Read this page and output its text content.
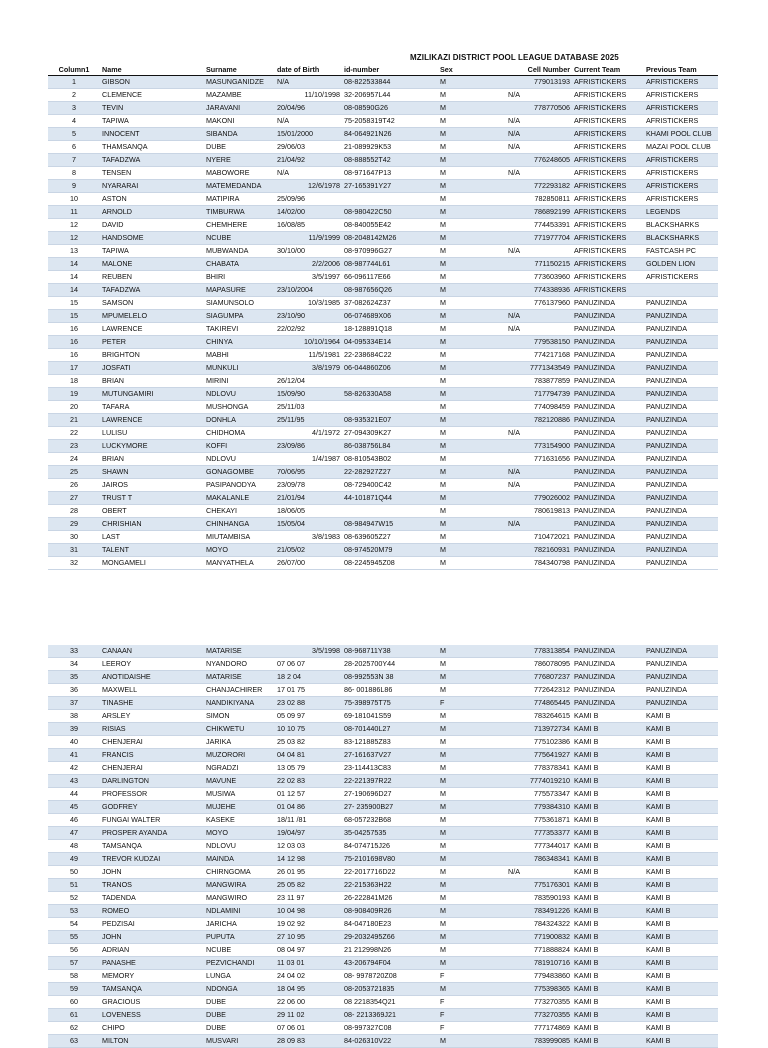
MZILIKAZI DISTRICT POOL LEAGUE DATABASE 2025
Column1	Name	Surname	date of Birth	id-number	Sex	Cell Number	Current Team	Previous Team
1	GIBSON	MASUNGANIDZE	N/A	08-822533844	M	779013193	AFRISTICKERS	AFRISTICKERS
2	CLEMENCE	MAZAMBE	11/10/1998	32-206957L44	M	N/A	AFRISTICKERS	AFRISTICKERS
3	TEVIN	JARAVANI	20/04/96	08-08590G26	M	778770506	AFRISTICKERS	AFRISTICKERS
4	TAPIWA	MAKONI	N/A	75-2058319T42	M	N/A	AFRISTICKERS	AFRISTICKERS
5	INNOCENT	SIBANDA	15/01/2000	84-064921N26	M	N/A	AFRISTICKERS	KHAMI POOL CLUB
6	THAMSANQA	DUBE	29/06/03	21-089929K53	M	N/A	AFRISTICKERS	MAZAI POOL CLUB
7	TAFADZWA	NYERE	21/04/92	08-888552T42	M	776248605	AFRISTICKERS	AFRISTICKERS
8	TENSEN	MABOWORE	N/A	08-971647P13	M	N/A	AFRISTICKERS	AFRISTICKERS
9	NYARARAI	MATEMEDANDA	12/6/1978	27-165391Y27	M	772293182	AFRISTICKERS	AFRISTICKERS
10	ASTON	MATIPIRA	25/09/96		M	782850811	AFRISTICKERS	AFRISTICKERS
11	ARNOLD	TIMBURWA	14/02/00	08-980422C50	M	786892199	AFRISTICKERS	LEGENDS
12	DAVID	CHEMHERE	16/08/85	08-840055E42	M	774453391	AFRISTICKERS	BLACKSHARKS
12	HANDSOME	NCUBE	11/9/1999	08-2048142M26	M	771977704	AFRISTICKERS	BLACKSHARKS
13	TAPIWA	MUBWANDA	30/10/00	08-970996G27	M	N/A	AFRISTICKERS	FASTCASH PC
14	MALONE	CHABATA	2/2/2006	08-987744L61	M	771150215	AFRISTICKERS	GOLDEN LION
14	REUBEN	BHIRI	3/5/1997	66-096117E66	M	773603960	AFRISTICKERS	AFRISTICKERS
14	TAFADZWA	MAPASURE	23/10/2004	08-987656Q26	M	774338936	AFRISTICKERS	
15	SAMSON	SIAMUNSOLO	10/3/1985	37-082624Z37	M	776137960	PANUZINDA	PANUZINDA
15	MPUMELELO	SIAGUMPA	23/10/90	06-074689X06	M	N/A	PANUZINDA	PANUZINDA
16	LAWRENCE	TAKIREVI	22/02/92	18-128891Q18	M	N/A	PANUZINDA	PANUZINDA
16	PETER	CHINYA	10/10/1964	04-095334E14	M	779538150	PANUZINDA	PANUZINDA
16	BRIGHTON	MABHI	11/5/1981	22-238684C22	M	774217168	PANUZINDA	PANUZINDA
17	JOSFATI	MUNKULI	3/8/1979	06-044860Z06	M	7771343549	PANUZINDA	PANUZINDA
18	BRIAN	MIRINI	26/12/04		M	783877859	PANUZINDA	PANUZINDA
19	MUTUNGAMIRI	NDLOVU	15/09/90	58-826330A58	M	717794739	PANUZINDA	PANUZINDA
20	TAFARA	MUSHONGA	25/11/03		M	774098459	PANUZINDA	PANUZINDA
21	LAWRENCE	DONHLA	25/11/95	08-935321E07	M	782120886	PANUZINDA	PANUZINDA
22	LULISU	CHIDHOMA	4/1/1972	27-094309K27	M	N/A	PANUZINDA	PANUZINDA
23	LUCKYMORE	KOFFI	23/09/86	86-038756L84	M	773154900	PANUZINDA	PANUZINDA
24	BRIAN	NDLOVU	1/4/1987	08-810543B02	M	771631656	PANUZINDA	PANUZINDA
25	SHAWN	GONAGOMBE	70/06/95	22-282927Z27	M	N/A	PANUZINDA	PANUZINDA
26	JAIROS	PASIPANODYA	23/09/78	08-729400C42	M	N/A	PANUZINDA	PANUZINDA
27	TRUST T	MAKALANLE	21/01/94	44-101871Q44	M	779026002	PANUZINDA	PANUZINDA
28	OBERT	CHEKAYI	18/06/05		M	780619813	PANUZINDA	PANUZINDA
29	CHRISHIAN	CHINHANGA	15/05/04	08-984947W15	M	N/A	PANUZINDA	PANUZINDA
30	LAST	MIUTAMBISA	3/8/1983	08-639605Z27	M	710472021	PANUZINDA	PANUZINDA
31	TALENT	MOYO	21/05/02	08-974520M79	M	782160931	PANUZINDA	PANUZINDA
32	MONGAMELI	MANYATHELA	26/07/00	08-2245945Z08	M	784340798	PANUZINDA	PANUZINDA
33	CANAAN	MATARISE	3/5/1998	08-968711Y38	M	778313854	PANUZINDA	PANUZINDA
34	LEEROY	NYANDORO	07 06 07	28-2025700Y44	M	786078095	PANUZINDA	PANUZINDA
35	ANOTIDAISHE	MATARISE	18 2 04	08-992553N 38	M	776807237	PANUZINDA	PANUZINDA
36	MAXWELL	CHANJACHIRER	17 01 75	86- 001886L86	M	772642312	PANUZINDA	PANUZINDA
37	TINASHE	NANDIKIYANA	23 02 88	75-398975T75	F	774865445	PANUZINDA	PANUZINDA
38	ARSLEY	SIMON	05 09 97	69-181041S59	M	783264615	KAMI B	KAMI B
39	RISIAS	CHIKWETU	10 10 75	08-701440L27	M	713972734	KAMI B	KAMI B
40	CHENJERAI	JARIKA	25 03 82	83-121885Z83	M	775102386	KAMI B	KAMI B
41	FRANCIS	MUZORORI	04 04 81	27-161637V27	M	775641927	KAMI B	KAMI B
42	CHENJERAI	NGRADZI	13 05 79	23-114413C83	M	778378341	KAMI B	KAMI B
43	DARLINGTON	MAVUNE	22 02 83	22-221397R22	M	7774019210	KAMI B	KAMI B
44	PROFESSOR	MUSIWA	01 12 57	27-190696D27	M	775573347	KAMI B	KAMI B
45	GODFREY	MUJEHE	01 04 86	27- 235900B27	M	779384310	KAMI B	KAMI B
46	FUNGAI WALTER	KASEKE	18/11 /81	68-057232B68	M	775361871	KAMI B	KAMI B
47	PROSPER AYANDA	MOYO	19/04/97	35-04257535	M	777353377	KAMI B	KAMI B
48	TAMSANQA	NDLOVU	12 03 03	84-074715J26	M	777344017	KAMI B	KAMI B
49	TREVOR KUDZAI	MAINDA	14 12 98	75-2101698V80	M	786348341	KAMI B	KAMI B
50	JOHN	CHIRNGOMA	26 01 95	22-2017716D22	M	N/A	KAMI B	KAMI B
51	TRANOS	MANGWIRA	25 05 82	22-215363H22	M	775176301	KAMI B	KAMI B
52	TADENDA	MANGWIRO	23 11 97	26-222841M26	M	783590193	KAMI B	KAMI B
53	ROMEO	NDLAMINI	10 04 98	08-908409R26	M	783491226	KAMI B	KAMI B
54	PEDZISAI	JARICHA	19 02 92	84-047180E23	M	784324322	KAMI B	KAMI B
55	JOHN	PUPUTA	27 10 95	29-2032495Z66	M	771900832	KAMI B	KAMI B
56	ADRIAN	NCUBE	08 04 97	21 212998N26	M	771888824	KAMI B	KAMI B
57	PANASHE	PEZVICHANDI	11 03 01	43-206794F04	M	781910716	KAMI B	KAMI B
58	MEMORY	LUNGA	24 04 02	08- 9978720Z08	F	779483860	KAMI B	KAMI B
59	TAMSANQA	NDONGA	18 04 95	08-2053721835	M	775398365	KAMI B	KAMI B
60	GRACIOUS	DUBE	22 06 00	08 2218354Q21	F	773270355	KAMI B	KAMI B
61	LOVENESS	DUBE	29 11 02	08- 2213369J21	F	773270355	KAMI B	KAMI B
62	CHIPO	DUBE	07 06 01	08-997327C08	F	777174869	KAMI B	KAMI B
63	MILTON	MUSVARI	28 09 83	84-026310V22	M	783999085	KAMI B	KAMI B
